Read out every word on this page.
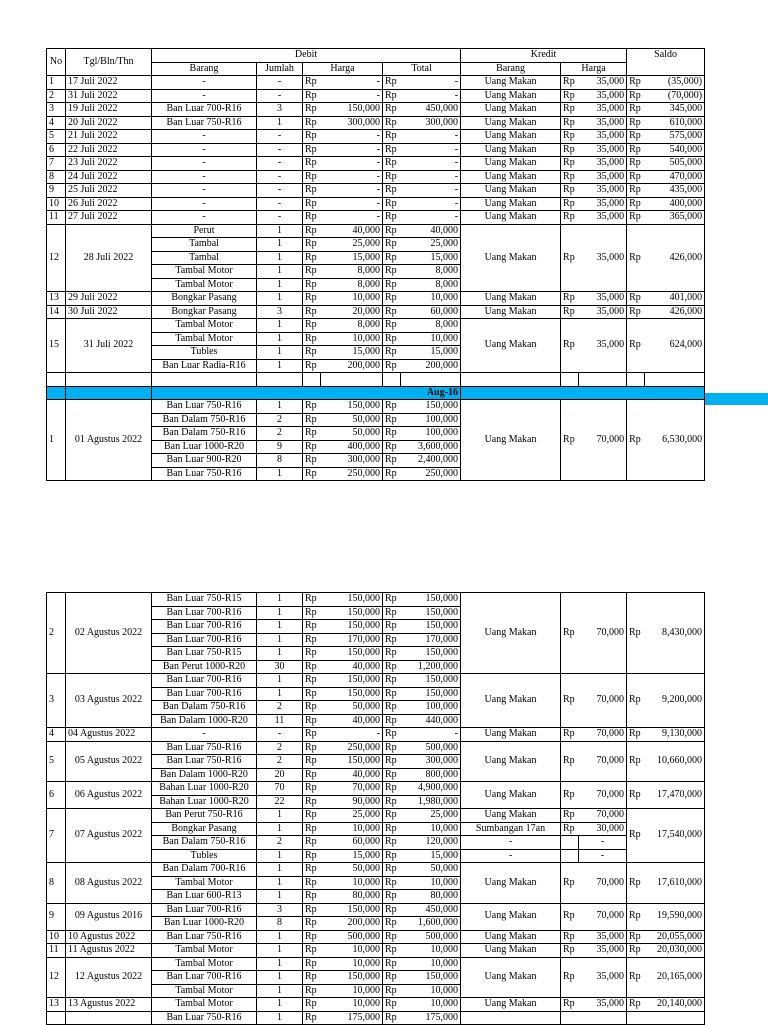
No	Tgl/Bln/Thn	Debit						Kredit			Saldo	
		Barang	Jumlah	Harga		Total		Barang	Harga			
1	17 Juli 2022	-	-	Rp	-	Rp	-	Uang Makan	Rp	35,000	Rp	(35,000)
2	31 Juli 2022	-	-	Rp	-	Rp	-	Uang Makan	Rp	35,000	Rp	(70,000)
3	19 Juli 2022	Ban Luar 700-R16	3	Rp	150,000	Rp	450,000	Uang Makan	Rp	35,000	Rp	345,000
4	20 Juli 2022	Ban Luar 750-R16	1	Rp	300,000	Rp	300,000	Uang Makan	Rp	35,000	Rp	610,000
5	21 Juli 2022	-	-	Rp	-	Rp	-	Uang Makan	Rp	35,000	Rp	575,000
6	22 Juli 2022	-	-	Rp	-	Rp	-	Uang Makan	Rp	35,000	Rp	540,000
7	23 Juli 2022	-	-	Rp	-	Rp	-	Uang Makan	Rp	35,000	Rp	505,000
8	24 Juli 2022	-	-	Rp	-	Rp	-	Uang Makan	Rp	35,000	Rp	470,000
9	25 Juli 2022	-	-	Rp	-	Rp	-	Uang Makan	Rp	35,000	Rp	435,000
10	26 Juli 2022	-	-	Rp	-	Rp	-	Uang Makan	Rp	35,000	Rp	400,000
11	27 Juli 2022	-	-	Rp	-	Rp	-	Uang Makan	Rp	35,000	Rp	365,000
12	28 Juli 2022	Perut	1	Rp	40,000	Rp	40,000	Uang Makan	Rp	35,000	Rp	426,000
		Tambal	1	Rp	25,000	Rp	25,000					
		Tambal	1	Rp	15,000	Rp	15,000					
		Tambal Motor	1	Rp	8,000	Rp	8,000					
		Tambal Motor	1	Rp	8,000	Rp	8,000					
13	29 Juli 2022	Bongkar Pasang	1	Rp	10,000	Rp	10,000	Uang Makan	Rp	35,000	Rp	401,000
14	30 Juli 2022	Bongkar Pasang	3	Rp	20,000	Rp	60,000	Uang Makan	Rp	35,000	Rp	426,000
15	31 Juli 2022	Tambal Motor	1	Rp	8,000	Rp	8,000	Uang Makan	Rp	35,000	Rp	624,000
		Tambal Motor	1	Rp	10,000	Rp	10,000					
		Tubles	1	Rp	15,000	Rp	15,000					
		Ban Luar Radia-R16	1	Rp	200,000	Rp	200,000					

		Aug-16										
1	01 Agustus 2022	Ban Luar 750-R16	1	Rp	150,000	Rp	150,000	Uang Makan	Rp	70,000	Rp	6,530,000
		Ban Dalam 750-R16	2	Rp	50,000	Rp	100,000					
		Ban Dalam 750-R16	2	Rp	50,000	Rp	100,000					
		Ban Luar 1000-R20	9	Rp	400,000	Rp	3,600,000					
		Ban Luar 900-R20	8	Rp	300,000	Rp	2,400,000					
		Ban Luar 750-R16	1	Rp	250,000	Rp	250,000					
2	02 Agustus 2022	Ban Luar 750-R15	1	Rp	150,000	Rp	150,000	Uang Makan	Rp	70,000	Rp	8,430,000
		Ban Luar 700-R16	1	Rp	150,000	Rp	150,000					
		Ban Luar 700-R16	1	Rp	150,000	Rp	150,000					
		Ban Luar 700-R16	1	Rp	170,000	Rp	170,000					
		Ban Luar 750-R15	1	Rp	150,000	Rp	150,000					
		Ban Perut 1000-R20	30	Rp	40,000	Rp	1,200,000					
3	03 Agustus 2022	Ban Luar 700-R16	1	Rp	150,000	Rp	150,000	Uang Makan	Rp	70,000	Rp	9,200,000
		Ban Luar 700-R16	1	Rp	150,000	Rp	150,000					
		Ban Dalam 750-R16	2	Rp	50,000	Rp	100,000					
		Ban Dalam 1000-R20	11	Rp	40,000	Rp	440,000					
4	04 Agustus 2022	-	-	Rp	-	Rp	-	Uang Makan	Rp	70,000	Rp	9,130,000
5	05 Agustus 2022	Ban Luar 750-R16	2	Rp	250,000	Rp	500,000	Uang Makan	Rp	70,000	Rp	10,660,000
		Ban Luar 750-R16	2	Rp	150,000	Rp	300,000					
		Ban Dalam 1000-R20	20	Rp	40,000	Rp	800,000					
6	06 Agustus 2022	Bahan Luar 1000-R20	70	Rp	70,000	Rp	4,900,000	Uang Makan	Rp	70,000	Rp	17,470,000
		Bahan Luar 1000-R20	22	Rp	90,000	Rp	1,980,000					
7	07 Agustus 2022	Ban Perut 750-R16	1	Rp	25,000	Rp	25,000	Uang Makan	Rp	70,000	Rp	17,540,000
		Bongkar Pasang	1	Rp	10,000	Rp	10,000	Sumbangan 17an	Rp	30,000		
		Ban Dalam 750-R16	2	Rp	60,000	Rp	120,000	-		-		
		Tubles	1	Rp	15,000	Rp	15,000	-		-		
8	08 Agustus 2022	Ban Dalam 700-R16	1	Rp	50,000	Rp	50,000	Uang Makan	Rp	70,000	Rp	17,610,000
		Tambal Motor	1	Rp	10,000	Rp	10,000					
		Ban Luar 600-R13	1	Rp	80,000	Rp	80,000					
9	09 Agustus 2016	Ban Luar 700-R16	3	Rp	150,000	Rp	450,000	Uang Makan	Rp	70,000	Rp	19,590,000
		Ban Luar 1000-R20	8	Rp	200,000	Rp	1,600,000					
10	10 Agustus 2022	Ban Luar 750-R16	1	Rp	500,000	Rp	500,000	Uang Makan	Rp	35,000	Rp	20,055,000
11	11 Agustus 2022	Tambal Motor	1	Rp	10,000	Rp	10,000	Uang Makan	Rp	35,000	Rp	20,030,000
12	12 Agustus 2022	Tambal Motor	1	Rp	10,000	Rp	10,000	Uang Makan	Rp	35,000	Rp	20,165,000
		Ban Luar 700-R16	1	Rp	150,000	Rp	150,000					
		Tambal Motor	1	Rp	10,000	Rp	10,000					
13	13 Agustus 2022	Tambal Motor	1	Rp	10,000	Rp	10,000	Uang Makan	Rp	35,000	Rp	20,140,000
		Ban Luar 750-R16	1	Rp	175,000	Rp	175,000					
